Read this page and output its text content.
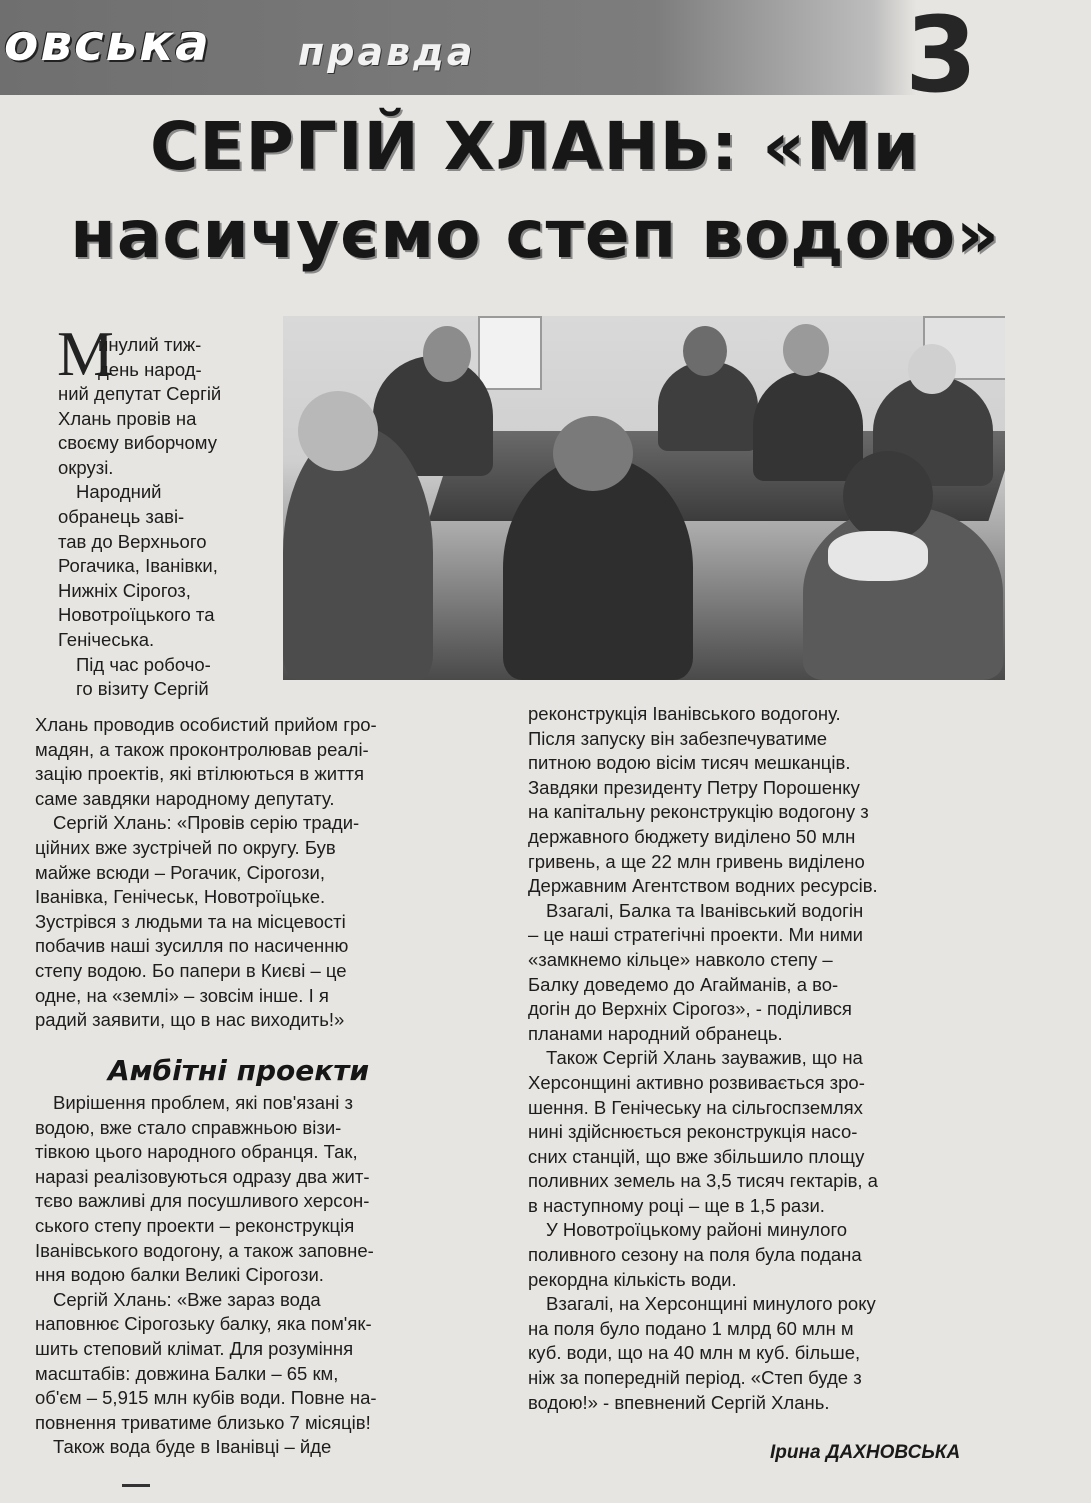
овська правда	3
СЕРГІЙ ХЛАНЬ: «Ми
насичуємо степ водою»
М

инулий тиж-

день народ-

ний депутат Сергій

Хлань провів на

своєму виборчому

окрузі.

Народний

обранець заві-

тав до Верхнього

Рогачика, Іванівки,

Нижніх Сірогоз,

Новотроїцького та

Генічеська.

Під час робочо-

го візиту Сергій

Хлань проводив особистий прийом гро-

мадян, а також проконтролював реалі-

зацію проектів, які втілюються в життя

саме завдяки народному депутату.

Сергій Хлань: «Провів серію тради-

ційних вже зустрічей по округу. Був

майже всюди – Рогачик, Сірогози,

Іванівка, Генічеськ, Новотроїцьке.

Зустрівся з людьми та на місцевості

побачив наші зусилля по насиченню

степу водою. Бо папери в Києві – це

одне, на «землі» – зовсім інше. І я

радий заявити, що в нас виходить!»

Амбітні проекти

Вирішення проблем, які пов'язані з

водою, вже стало справжньою візи-

тівкою цього народного обранця. Так,

наразі реалізовуються одразу два жит-

тєво важливі для посушливого херсон-

ського степу проекти – реконструкція

Іванівського водогону, а також заповне-

ння водою балки Великі Сірогози.

Сергій Хлань: «Вже зараз вода

наповнює Сірогозьку балку, яка пом'як-

шить степовий клімат. Для розуміння

масштабів: довжина Балки – 65 км,

об'єм – 5,915 млн кубів води. Повне на-

повнення триватиме близько 7 місяців!

Також вода буде в Іванівці – йде

реконструкція Іванівського водогону.

Після запуску він забезпечуватиме

питною водою вісім тисяч мешканців.

Завдяки президенту Петру Порошенку

на капітальну реконструкцію водогону з

державного бюджету виділено 50 млн

гривень, а ще 22 млн гривень виділено

Державним Агентством водних ресурсів.

Взагалі, Балка та Іванівський водогін

– це наші стратегічні проекти. Ми ними

«замкнемо кільце» навколо степу –

Балку доведемо до Агайманів, а во-

догін до Верхніх Сірогоз», - поділився

планами народний обранець.

Також Сергій Хлань зауважив, що на

Херсонщині активно розвивається зро-

шення. В Генічеську на сільгоспземлях

нині здійснюється реконструкція насо-

сних станцій, що вже збільшило площу

поливних земель на 3,5 тисяч гектарів, а

в наступному році – ще в 1,5 рази.

У Новотроїцькому районі минулого

поливного сезону на поля була подана

рекордна кількість води.

Взагалі, на Херсонщині минулого року

на поля було подано 1 млрд 60 млн м

куб. води, що на 40 млн м куб. більше,

ніж за попередній період. «Степ буде з

водою!» - впевнений Сергій Хлань.

Ірина ДАХНОВСЬКА
